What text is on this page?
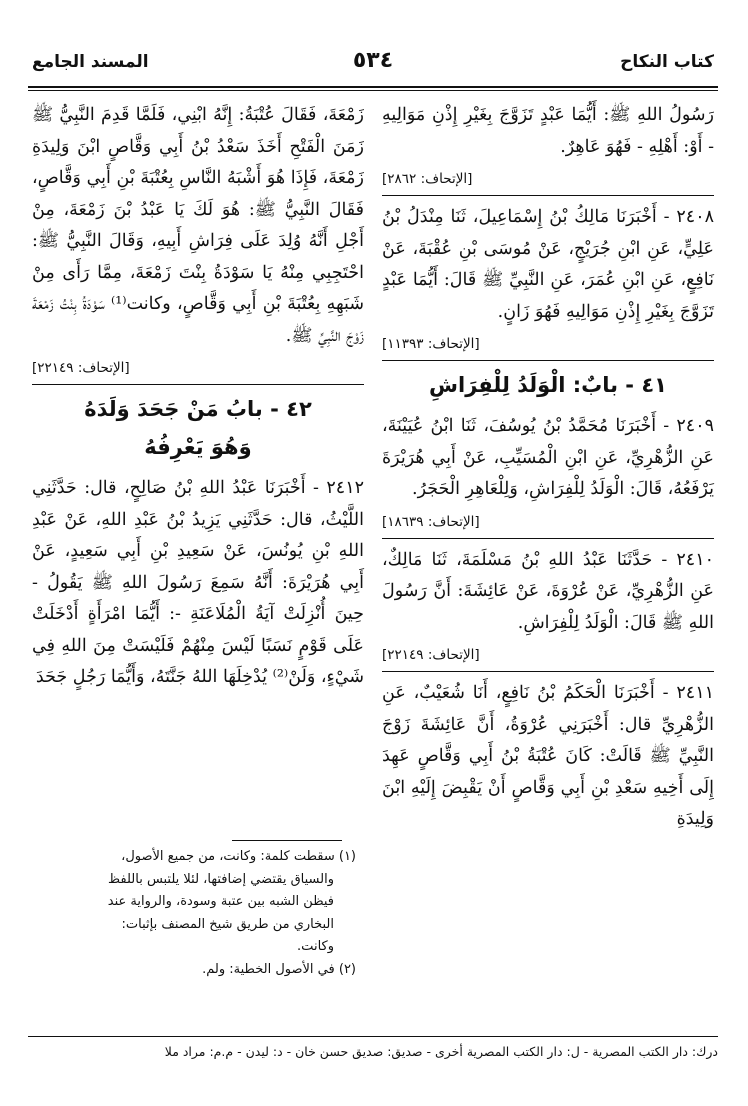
كتاب النكاح
٥٣٤
المسند الجامع

رَسُولُ اللهِ ﷺ: أَيُّمَا عَبْدٍ تَزَوَّجَ بِغَيْرِ إِذْنِ مَوَالِيهِ - أَوْ: أَهْلِهِ - فَهُوَ عَاهِرٌ.

[الإتحاف: ٢٨٦٢]

٢٤٠٨ - أَخْبَرَنَا مَالِكُ بْنُ إِسْمَاعِيلَ، ثَنَا مِنْدَلُ بْنُ عَلِيٍّ، عَنِ ابْنِ جُرَيْجٍ، عَنْ مُوسَى بْنِ عُقْبَةَ، عَنْ نَافِعٍ، عَنِ ابْنِ عُمَرَ، عَنِ النَّبِيِّ ﷺ قَالَ: أَيُّمَا عَبْدٍ تَزَوَّجَ بِغَيْرِ إِذْنِ مَوَالِيهِ فَهُوَ زَانٍ.

[الإتحاف: ١١٣٩٣]
٤١ - بابٌ: الْوَلَدُ لِلْفِرَاشِ

٢٤٠٩ - أَخْبَرَنَا مُحَمَّدُ بْنُ يُوسُفَ، ثَنَا ابْنُ عُيَيْنَةَ، عَنِ الزُّهْرِيِّ، عَنِ ابْنِ الْمُسَيِّبِ، عَنْ أَبِي هُرَيْرَةَ يَرْفَعُهُ، قَالَ: الْوَلَدُ لِلْفِرَاشِ، وَلِلْعَاهِرِ الْحَجَرُ.

[الإتحاف: ١٨٦٣٩]

٢٤١٠ - حَدَّثَنَا عَبْدُ اللهِ بْنُ مَسْلَمَةَ، ثَنَا مَالِكٌ، عَنِ الزُّهْرِيِّ، عَنْ عُرْوَةَ، عَنْ عَائِشَةَ: أَنَّ رَسُولَ اللهِ ﷺ قَالَ: الْوَلَدُ لِلْفِرَاشِ.

[الإتحاف: ٢٢١٤٩]

٢٤١١ - أَخْبَرَنَا الْحَكَمُ بْنُ نَافِعٍ، أَنَا شُعَيْبٌ، عَنِ الزُّهْرِيِّ قال: أَخْبَرَنِي عُرْوَةُ، أَنَّ عَائِشَةَ زَوْجَ النَّبِيِّ ﷺ قَالَتْ: كَانَ عُتْبَةُ بْنُ أَبِي وَقَّاصٍ عَهِدَ إِلَى أَخِيهِ سَعْدِ بْنِ أَبِي وَقَّاصٍ أَنْ يَقْبِضَ إِلَيْهِ ابْنَ وَلِيدَةِ

زَمْعَةَ، فَقَالَ عُتْبَةُ: إِنَّهُ ابْنِي، فَلَمَّا قَدِمَ النَّبِيُّ ﷺ زَمَنَ الْفَتْحِ أَخَذَ سَعْدُ بْنُ أَبِي وَقَّاصٍ ابْنَ وَلِيدَةِ زَمْعَةَ، فَإِذَا هُوَ أَشْبَهُ النَّاسِ بِعُتْبَةَ بْنِ أَبِي وَقَّاصٍ، فَقَالَ النَّبِيُّ ﷺ: هُوَ لَكَ يَا عَبْدُ بْنَ زَمْعَةَ، مِنْ أَجْلِ أَنَّهُ وُلِدَ عَلَى فِرَاشِ أَبِيهِ، وَقَالَ النَّبِيُّ ﷺ: احْتَجِبِي مِنْهُ يَا سَوْدَةُ بِنْتَ زَمْعَةَ، مِمَّا رَأَى مِنْ شَبَهِهِ بِعُتْبَةَ بْنِ أَبِي وَقَّاصٍ، وكانت⁽¹⁾ سَوْدَةُ بِنْتُ زَمْعَةَ زَوْجَ النَّبِيِّ ﷺ.

[الإتحاف: ٢٢١٤٩]
٤٢ - بابُ مَنْ جَحَدَ وَلَدَهُ
وَهُوَ يَعْرِفُهُ

٢٤١٢ - أَخْبَرَنَا عَبْدُ اللهِ بْنُ صَالِحٍ، قال: حَدَّثَنِي اللَّيْثُ، قال: حَدَّثَنِي يَزِيدُ بْنُ عَبْدِ اللهِ، عَنْ عَبْدِ اللهِ بْنِ يُونُسَ، عَنْ سَعِيدِ بْنِ أَبِي سَعِيدٍ، عَنْ أَبِي هُرَيْرَةَ: أَنَّهُ سَمِعَ رَسُولَ اللهِ ﷺ يَقُولُ - حِينَ أُنْزِلَتْ آيَةُ الْمُلَاعَنَةِ -: أَيُّمَا امْرَأَةٍ أَدْخَلَتْ عَلَى قَوْمٍ نَسَبًا لَيْسَ مِنْهُمْ فَلَيْسَتْ مِنَ اللهِ فِي شَيْءٍ، وَلَنْ⁽²⁾ يُدْخِلَهَا اللهُ جَنَّتَهُ، وَأَيُّمَا رَجُلٍ جَحَدَ

(١) سقطت كلمة: وكانت، من جميع الأصول،

والسياق يقتضي إضافتها، لئلا يلتبس باللفظ

فيظن الشبه بين عتبة وسودة، والرواية عند

البخاري من طريق شيخ المصنف بإثبات:

وكانت.

(٢) في الأصول الخطية: ولم.

درك: دار الكتب المصرية - ل: دار الكتب المصرية أخرى - صديق: صديق حسن خان - د: ليدن - م.م: مراد ملا
